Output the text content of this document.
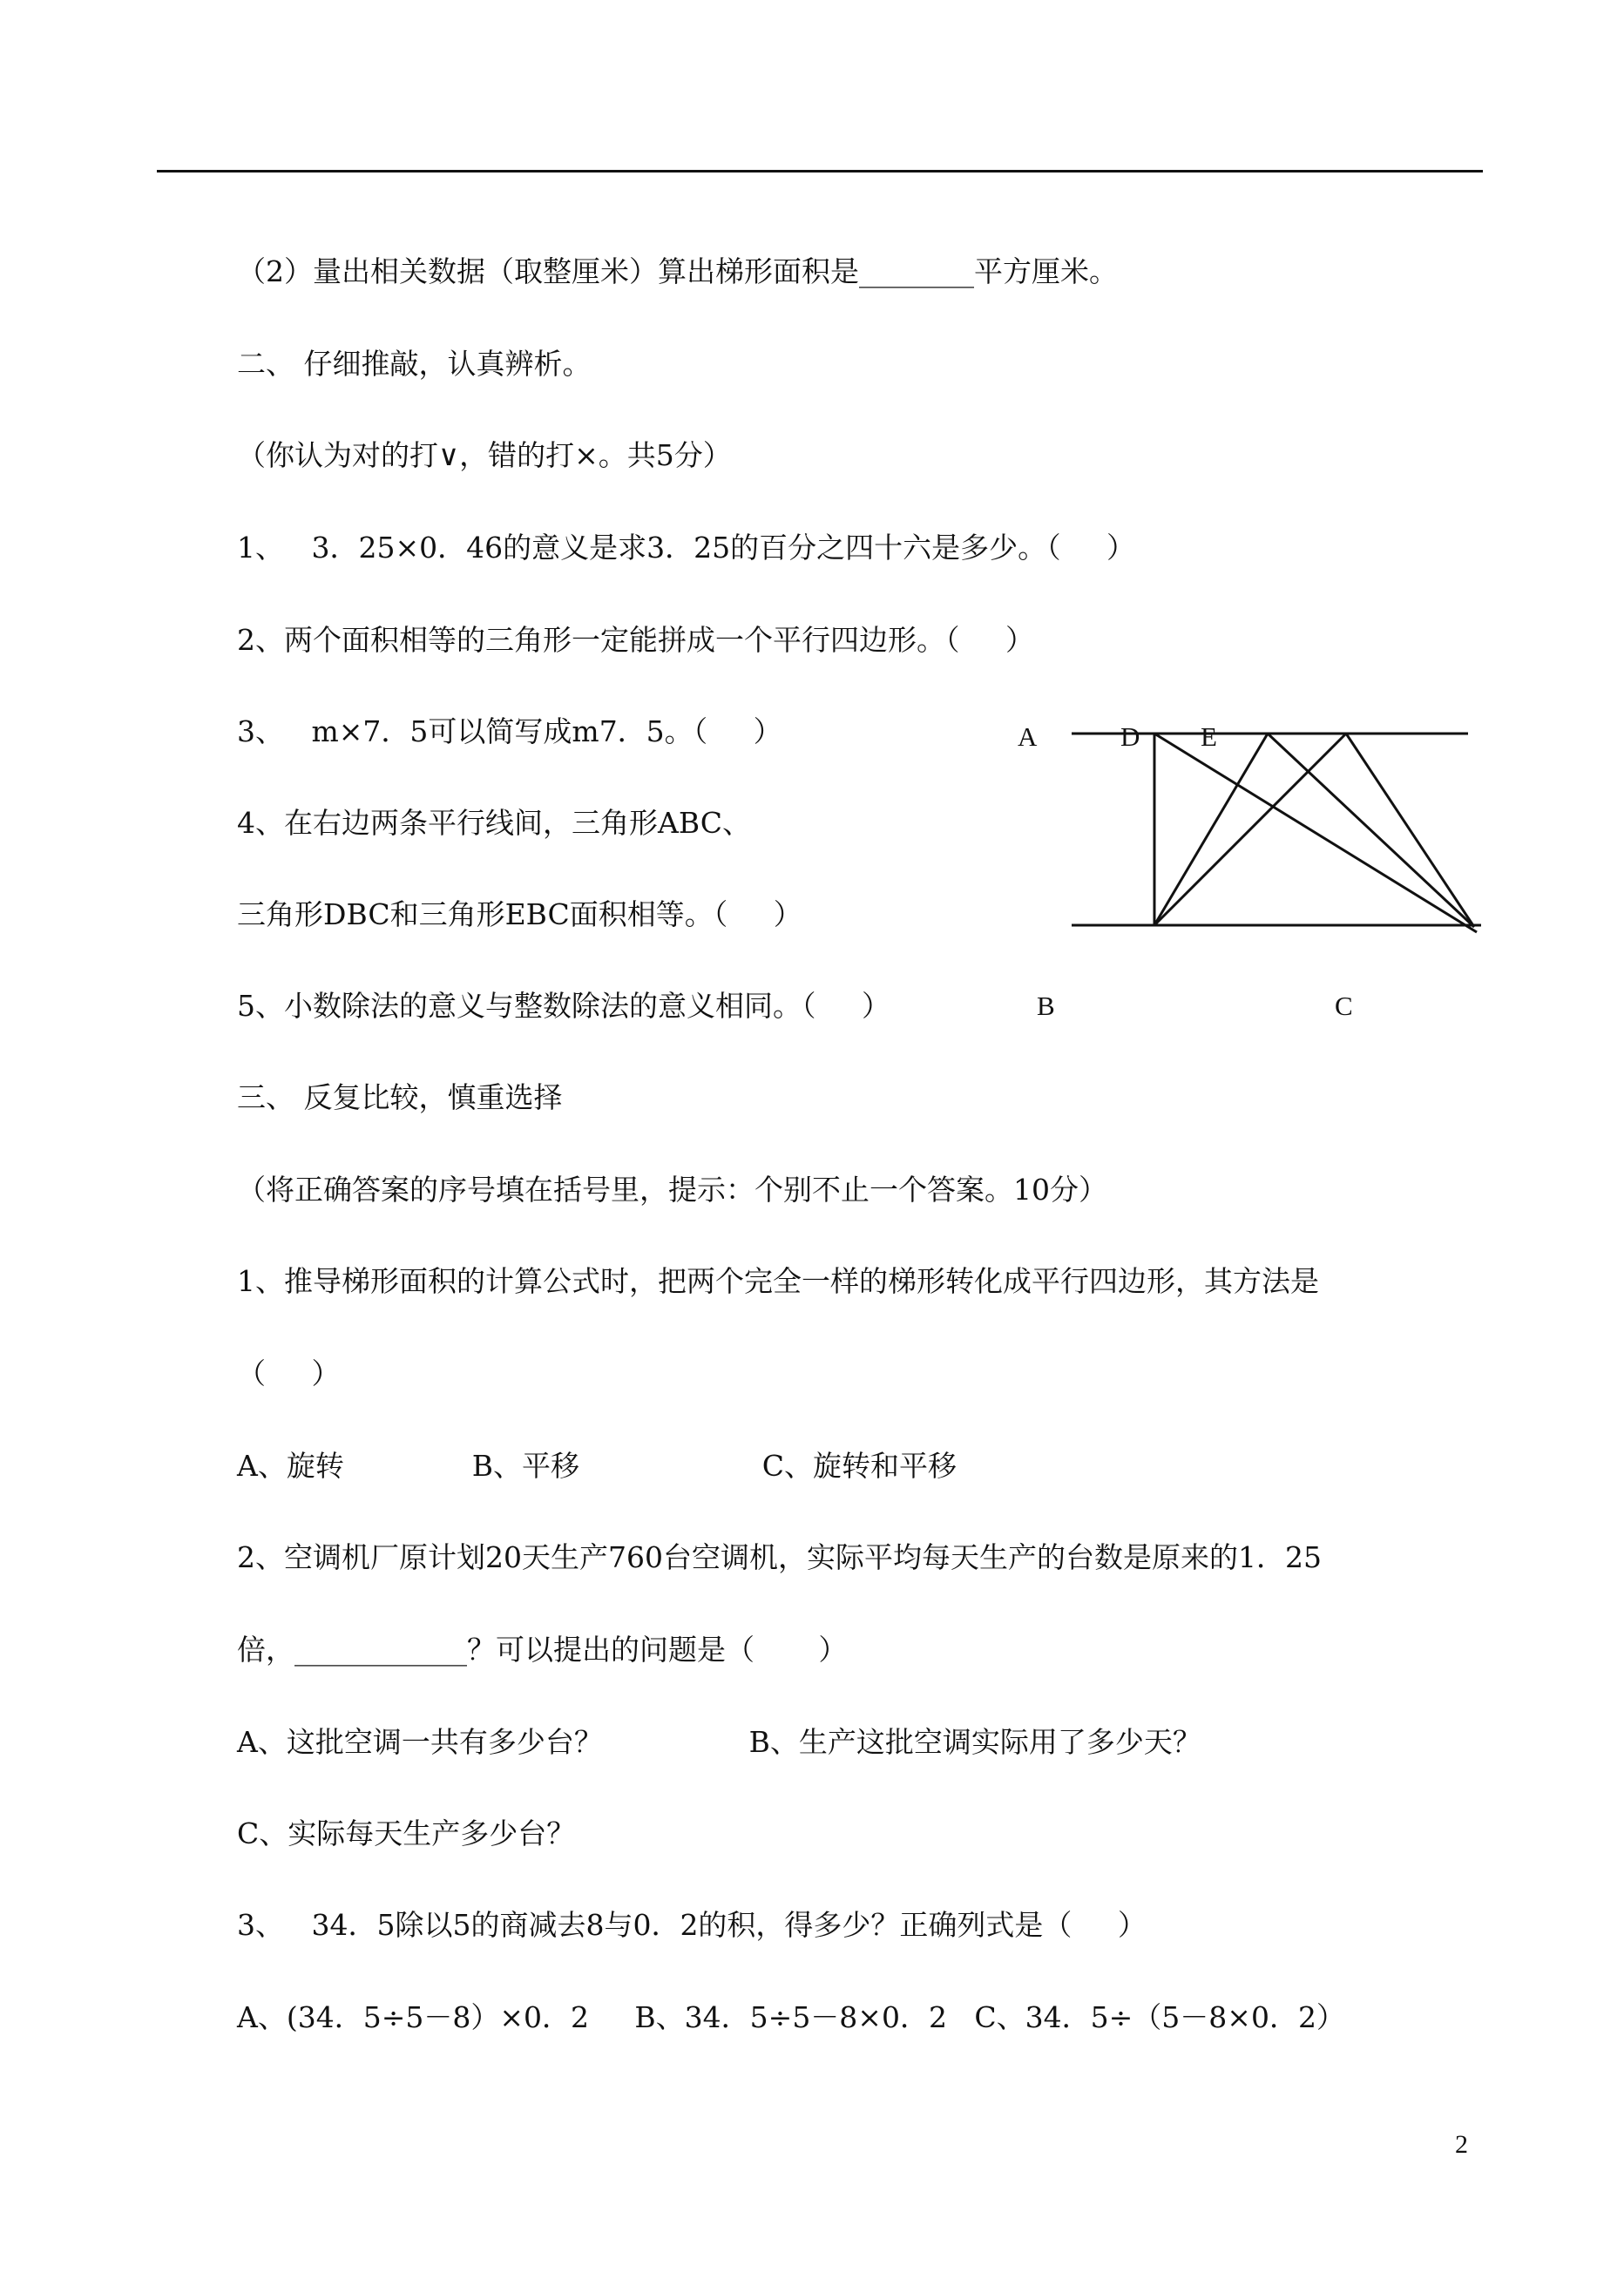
（2）量出相关数据（取整厘米）算出梯形面积是________平方厘米。
二、 仔细推敲，认真辨析。
（你认为对的打∨，错的打×。共5分）
1、   3．25×0．46的意义是求3．25的百分之四十六是多少。（     ）
2、两个面积相等的三角形一定能拼成一个平行四边形。（     ）
3、   m×7．5可以简写成m7．5。（     ）
4、在右边两条平行线间，三角形ABC、
三角形DBC和三角形EBC面积相等。（     ）
5、小数除法的意义与整数除法的意义相同。（     ）
三、 反复比较，慎重选择
（将正确答案的序号填在括号里，提示：个别不止一个答案。10分）
1、推导梯形面积的计算公式时，把两个完全一样的梯形转化成平行四边形，其方法是
（     ）
A、旋转              B、平移                    C、旋转和平移
2、空调机厂原计划20天生产760台空调机，实际平均每天生产的台数是原来的1．25
倍，____________？可以提出的问题是（       ）
A、这批空调一共有多少台？                B、生产这批空调实际用了多少天？
C、实际每天生产多少台？
3、   34．5除以5的商减去8与0．2的积，得多少？正确列式是（     ）
A、(34．5÷5－8）×0．2     B、34．5÷5－8×0．2   C、34．5÷（5－8×0．2）
A	D E
B	C
2
